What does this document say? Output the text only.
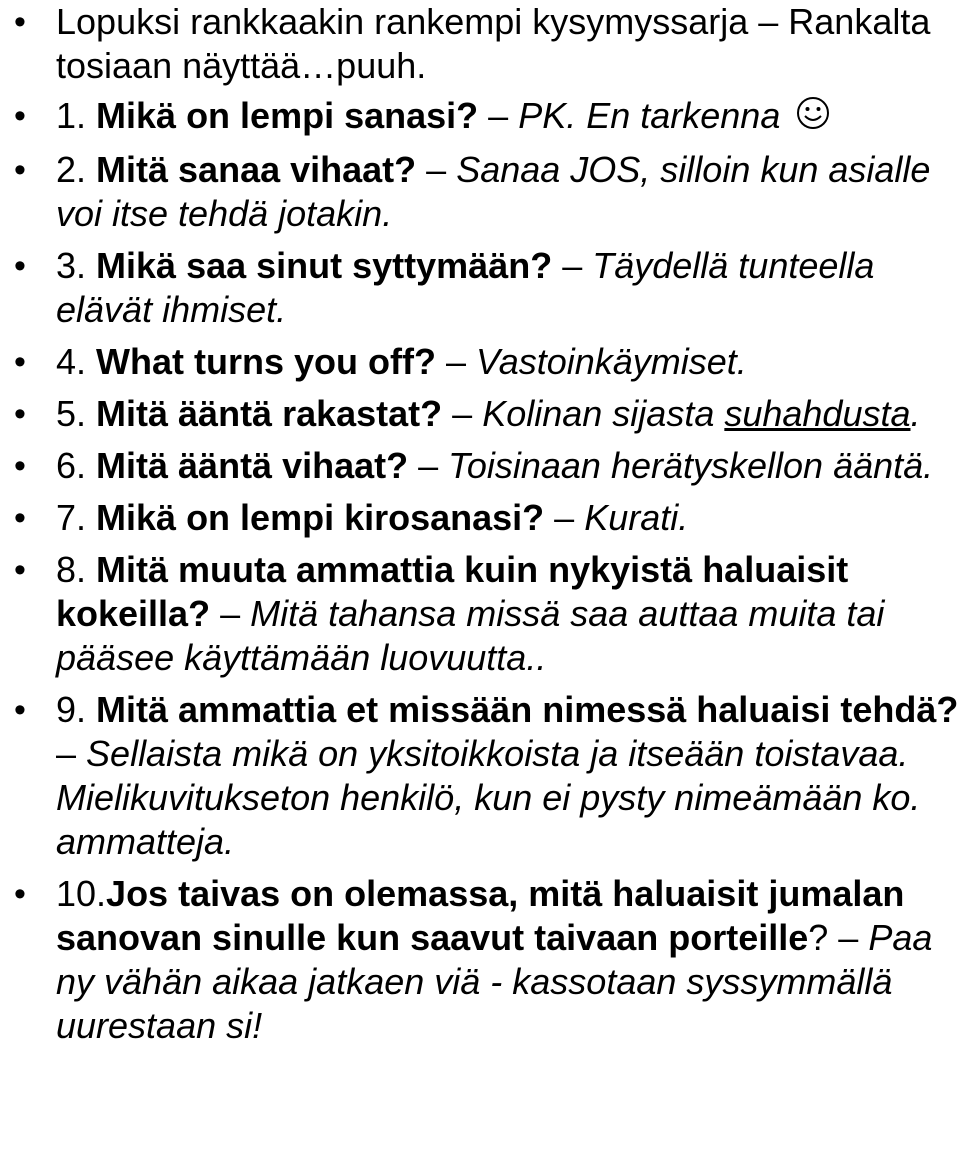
• Lopuksi rankkaakin rankempi kysymyssarja – Rankalta tosiaan näyttää…puuh.
• 1. Mikä on lempi sanasi? – PK. En tarkenna
• 2. Mitä sanaa vihaat? – Sanaa JOS, silloin kun asialle voi itse tehdä jotakin.
• 3. Mikä saa sinut syttymään? – Täydellä tunteella elävät ihmiset.
• 4. What turns you off? – Vastoinkäymiset.
• 5. Mitä ääntä rakastat? – Kolinan sijasta suhahdusta.
• 6. Mitä ääntä vihaat? – Toisinaan herätyskellon ääntä.
• 7. Mikä on lempi kirosanasi? – Kurati.
• 8. Mitä muuta ammattia kuin nykyistä haluaisit kokeilla? – Mitä tahansa missä saa auttaa muita tai pääsee käyttämään luovuutta..
• 9. Mitä ammattia et missään nimessä haluaisi tehdä? – Sellaista mikä on yksitoikkoista ja itseään toistavaa. Mielikuvitukseton henkilö, kun ei pysty nimeämään ko. ammatteja.
• 10.Jos taivas on olemassa, mitä haluaisit jumalan sanovan sinulle kun saavut taivaan porteille? – Paa ny vähän aikaa jatkaen viä - kassotaan syssymmällä uurestaan si!
